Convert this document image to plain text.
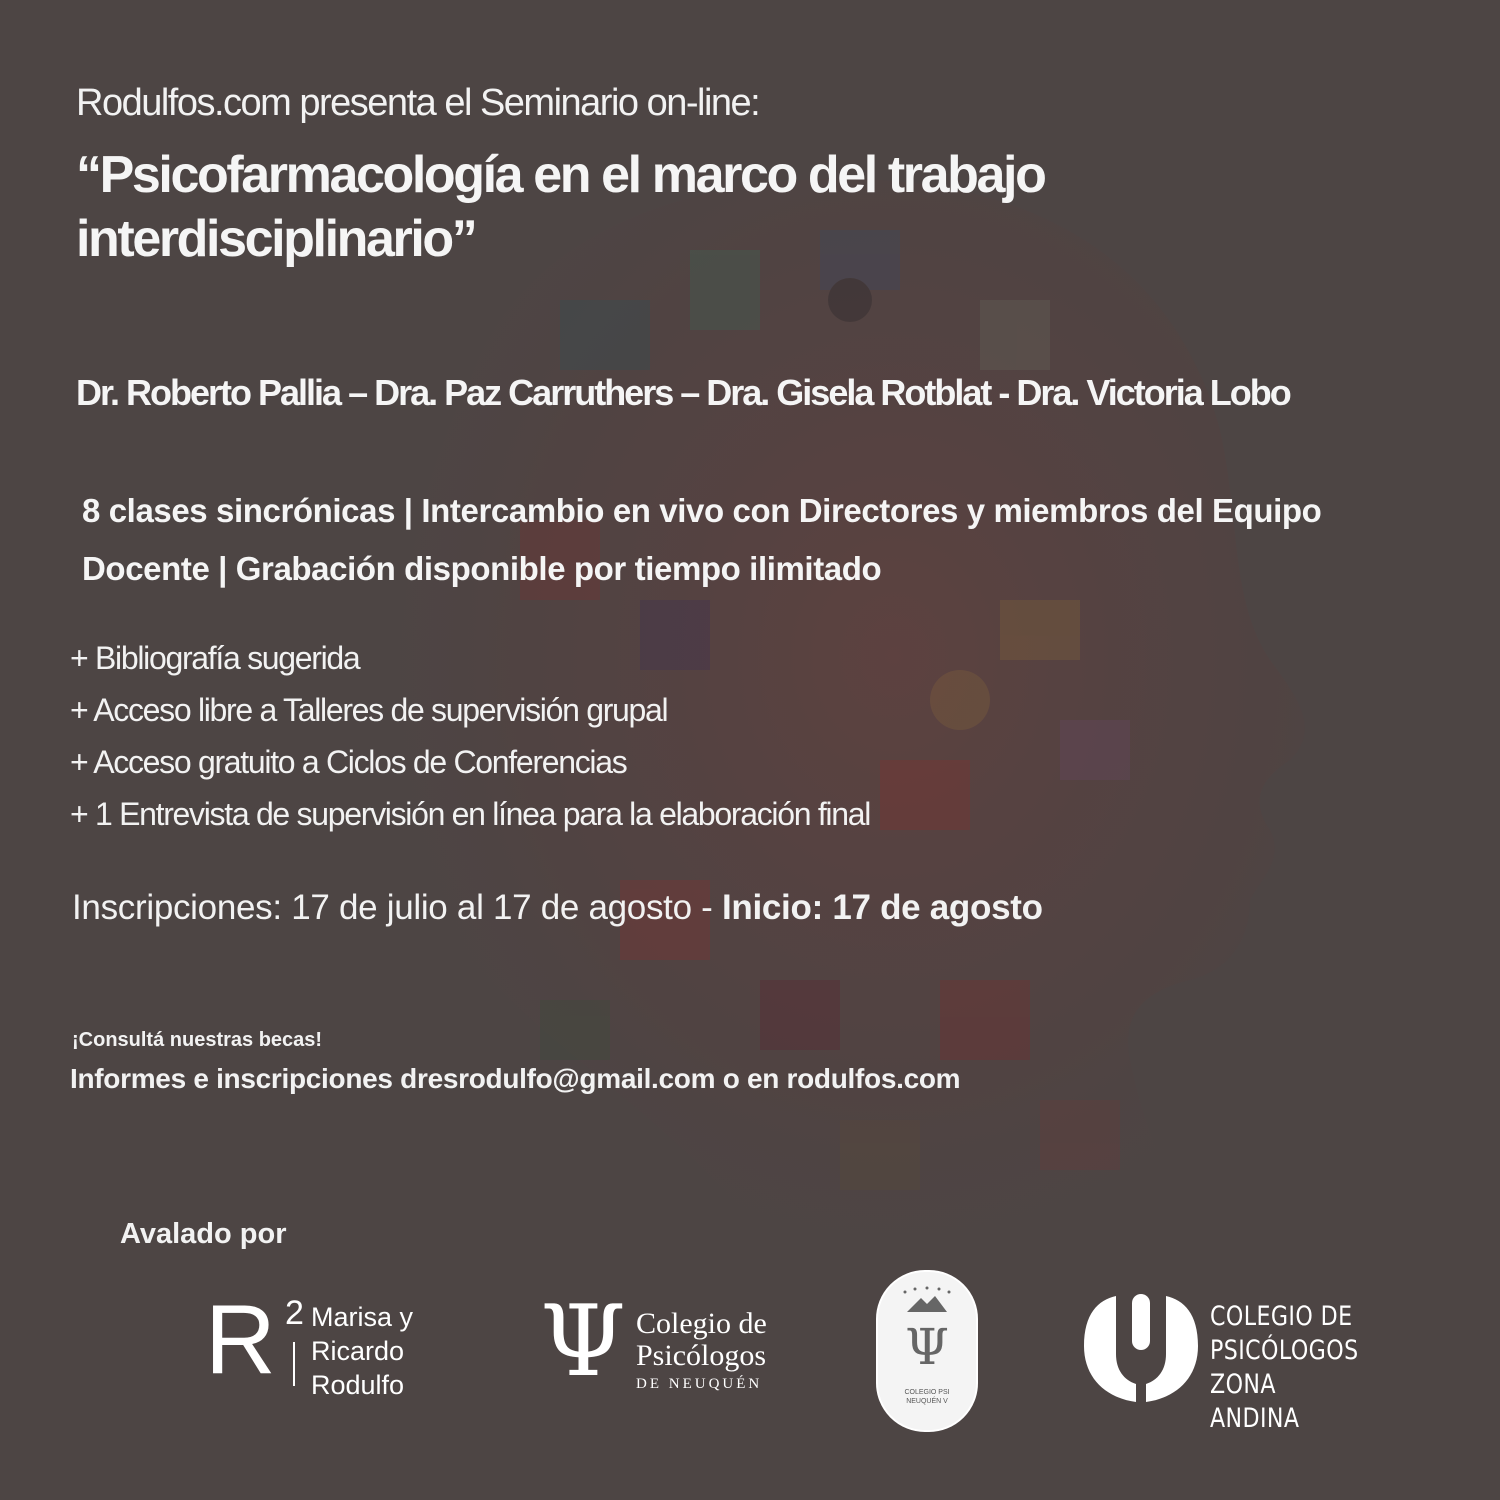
Rodulfos.com presenta el Seminario on-line:
“Psicofarmacología en el marco del trabajo
interdisciplinario”
Dr. Roberto Pallia – Dra. Paz Carruthers – Dra. Gisela Rotblat - Dra. Victoria Lobo
8 clases sincrónicas | Intercambio en vivo con Directores y miembros del Equipo
Docente | Grabación disponible por tiempo ilimitado
+ Bibliografía sugerida
+ Acceso libre a Talleres de supervisión grupal
+ Acceso gratuito a Ciclos de Conferencias
+ 1 Entrevista de supervisión en línea para la elaboración final
Inscripciones: 17 de julio al 17 de agosto - Inicio: 17 de agosto
¡Consultá nuestras becas!
Informes e inscripciones dresrodulfo@gmail.com o en rodulfos.com
Avalado por
R 2 Marisa y
Ricardo
Rodulfo Ψ Colegio de
Psicólogos
DE NEUQUÉN
Ψ
COLEGIO PSI
NEUQUÉN V
COLEGIO DE
PSICÓLOGOS
ZONA ANDINA
